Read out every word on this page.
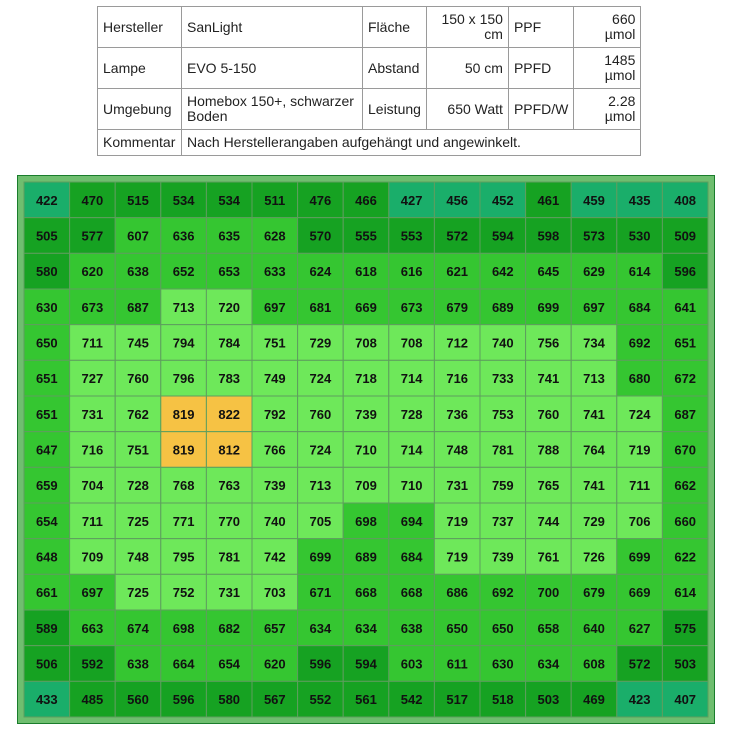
Hersteller	SanLight	Fläche	150 x 150 cm	PPF	660 µmol
Lampe	EVO 5-150	Abstand	50 cm	PPFD	1485 µmol
Umgebung	Homebox 150+, schwarzer Boden	Leistung	650 Watt	PPFD/W	2.28 µmol
Kommentar	Nach Herstellerangaben aufgehängt und angewinkelt.				
422 470 515 534 534 511 476 466 427 456 452 461 459 435 408
505 577 607 636 635 628 570 555 553 572 594 598 573 530 509
580 620 638 652 653 633 624 618 616 621 642 645 629 614 596
630 673 687 713 720 697 681 669 673 679 689 699 697 684 641
650 711 745 794 784 751 729 708 708 712 740 756 734 692 651
651 727 760 796 783 749 724 718 714 716 733 741 713 680 672
651 731 762 819 822 792 760 739 728 736 753 760 741 724 687
647 716 751 819 812 766 724 710 714 748 781 788 764 719 670
659 704 728 768 763 739 713 709 710 731 759 765 741 711 662
654 711 725 771 770 740 705 698 694 719 737 744 729 706 660
648 709 748 795 781 742 699 689 684 719 739 761 726 699 622
661 697 725 752 731 703 671 668 668 686 692 700 679 669 614
589 663 674 698 682 657 634 634 638 650 650 658 640 627 575
506 592 638 664 654 620 596 594 603 611 630 634 608 572 503
433 485 560 596 580 567 552 561 542 517 518 503 469 423 407
